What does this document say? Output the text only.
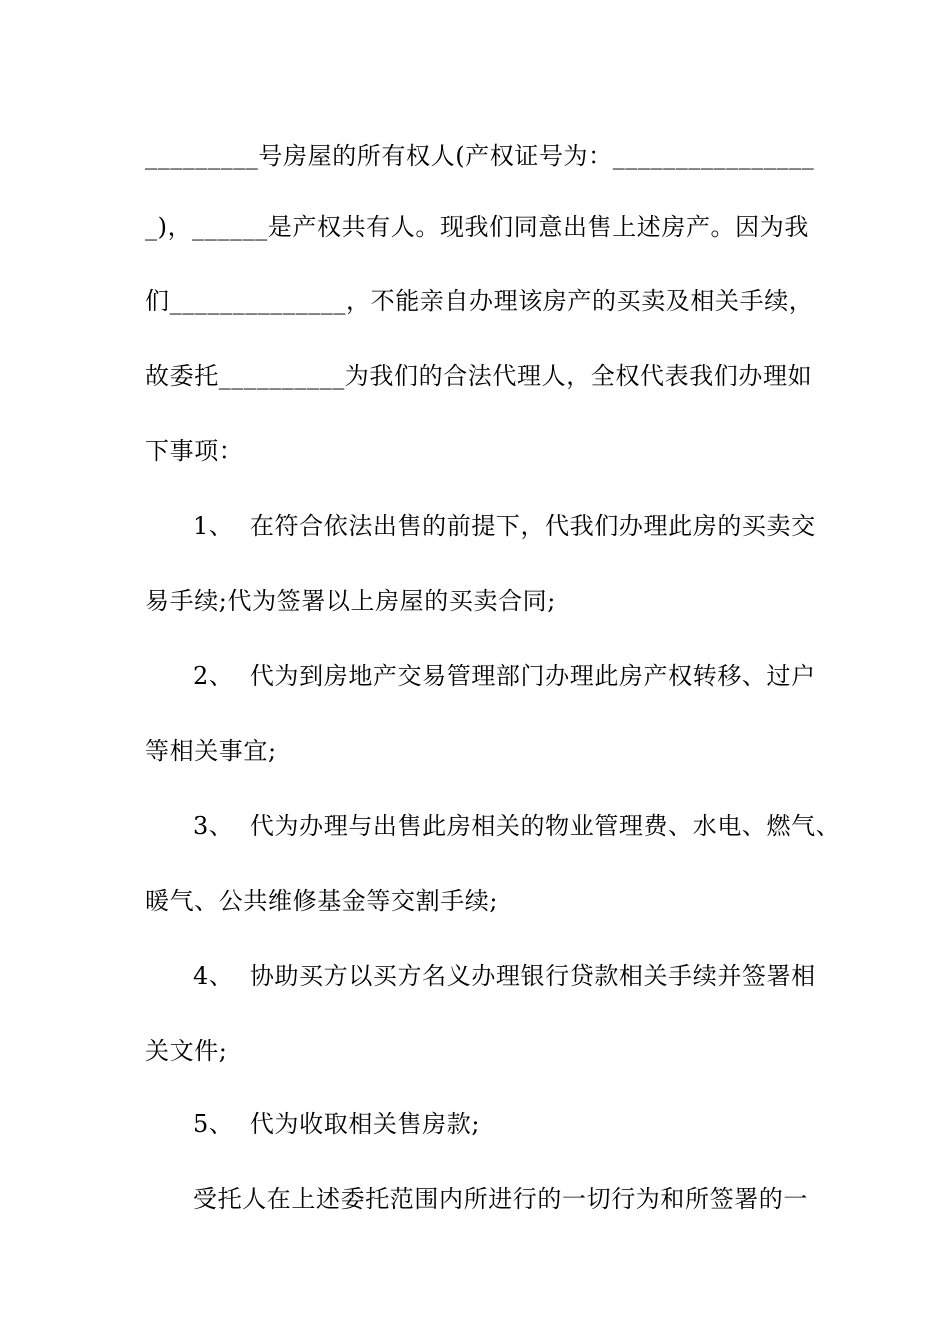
_________号房屋的所有权人(产权证号为：________________
_)，______是产权共有人。现我们同意出售上述房产。因为我
们______________，不能亲自办理该房产的买卖及相关手续，
故委托__________为我们的合法代理人，全权代表我们办理如
下事项：
1、  在符合依法出售的前提下，代我们办理此房的买卖交
易手续;代为签署以上房屋的买卖合同;
2、  代为到房地产交易管理部门办理此房产权转移、过户
等相关事宜;
3、  代为办理与出售此房相关的物业管理费、水电、燃气、
暖气、公共维修基金等交割手续;
4、  协助买方以买方名义办理银行贷款相关手续并签署相
关文件;
5、  代为收取相关售房款;
受托人在上述委托范围内所进行的一切行为和所签署的一
